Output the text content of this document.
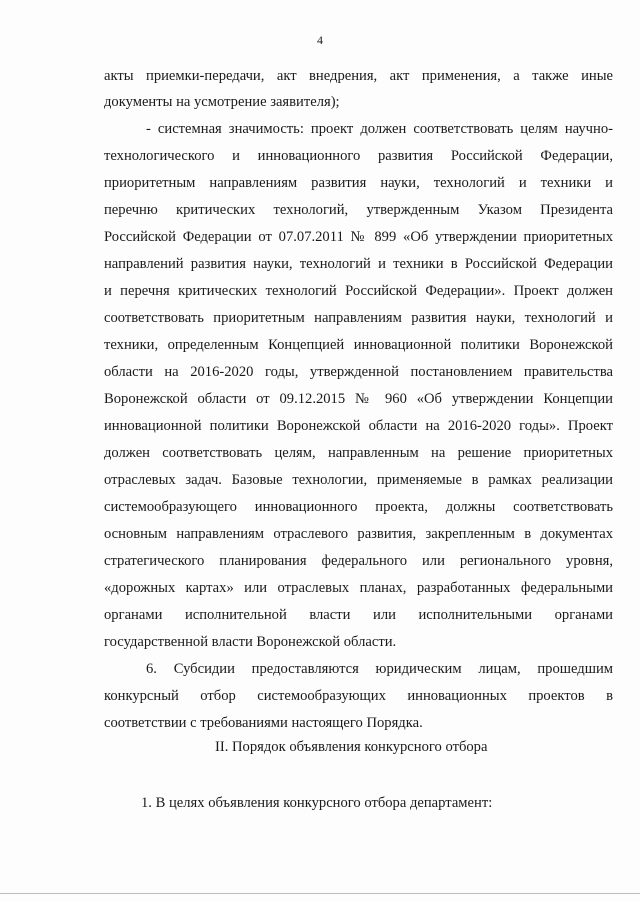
4
акты приемки-передачи, акт внедрения, акт применения, а также иные
документы на усмотрение заявителя);
- системная значимость: проект должен соответствовать целям научно-
технологического и инновационного развития Российской Федерации,
приоритетным направлениям развития науки, технологий и техники и
перечню критических технологий, утвержденным Указом Президента
Российской Федерации от 07.07.2011 № 899 «Об утверждении приоритетных
направлений развития науки, технологий и техники в Российской Федерации
и перечня критических технологий Российской Федерации». Проект должен
соответствовать приоритетным направлениям развития науки, технологий и
техники, определенным Концепцией инновационной политики Воронежской
области на 2016-2020 годы, утвержденной постановлением правительства
Воронежской области от 09.12.2015 № 960 «Об утверждении Концепции
инновационной политики Воронежской области на 2016-2020 годы». Проект
должен соответствовать целям, направленным на решение приоритетных
отраслевых задач. Базовые технологии, применяемые в рамках реализации
системообразующего инновационного проекта, должны соответствовать
основным направлениям отраслевого развития, закрепленным в документах
стратегического планирования федерального или регионального уровня,
«дорожных картах» или отраслевых планах, разработанных федеральными
органами исполнительной власти или исполнительными органами
государственной власти Воронежской области.
6. Субсидии предоставляются юридическим лицам, прошедшим
конкурсный отбор системообразующих инновационных проектов в
соответствии с требованиями настоящего Порядка.
II. Порядок объявления конкурсного отбора
1. В целях объявления конкурсного отбора департамент:
